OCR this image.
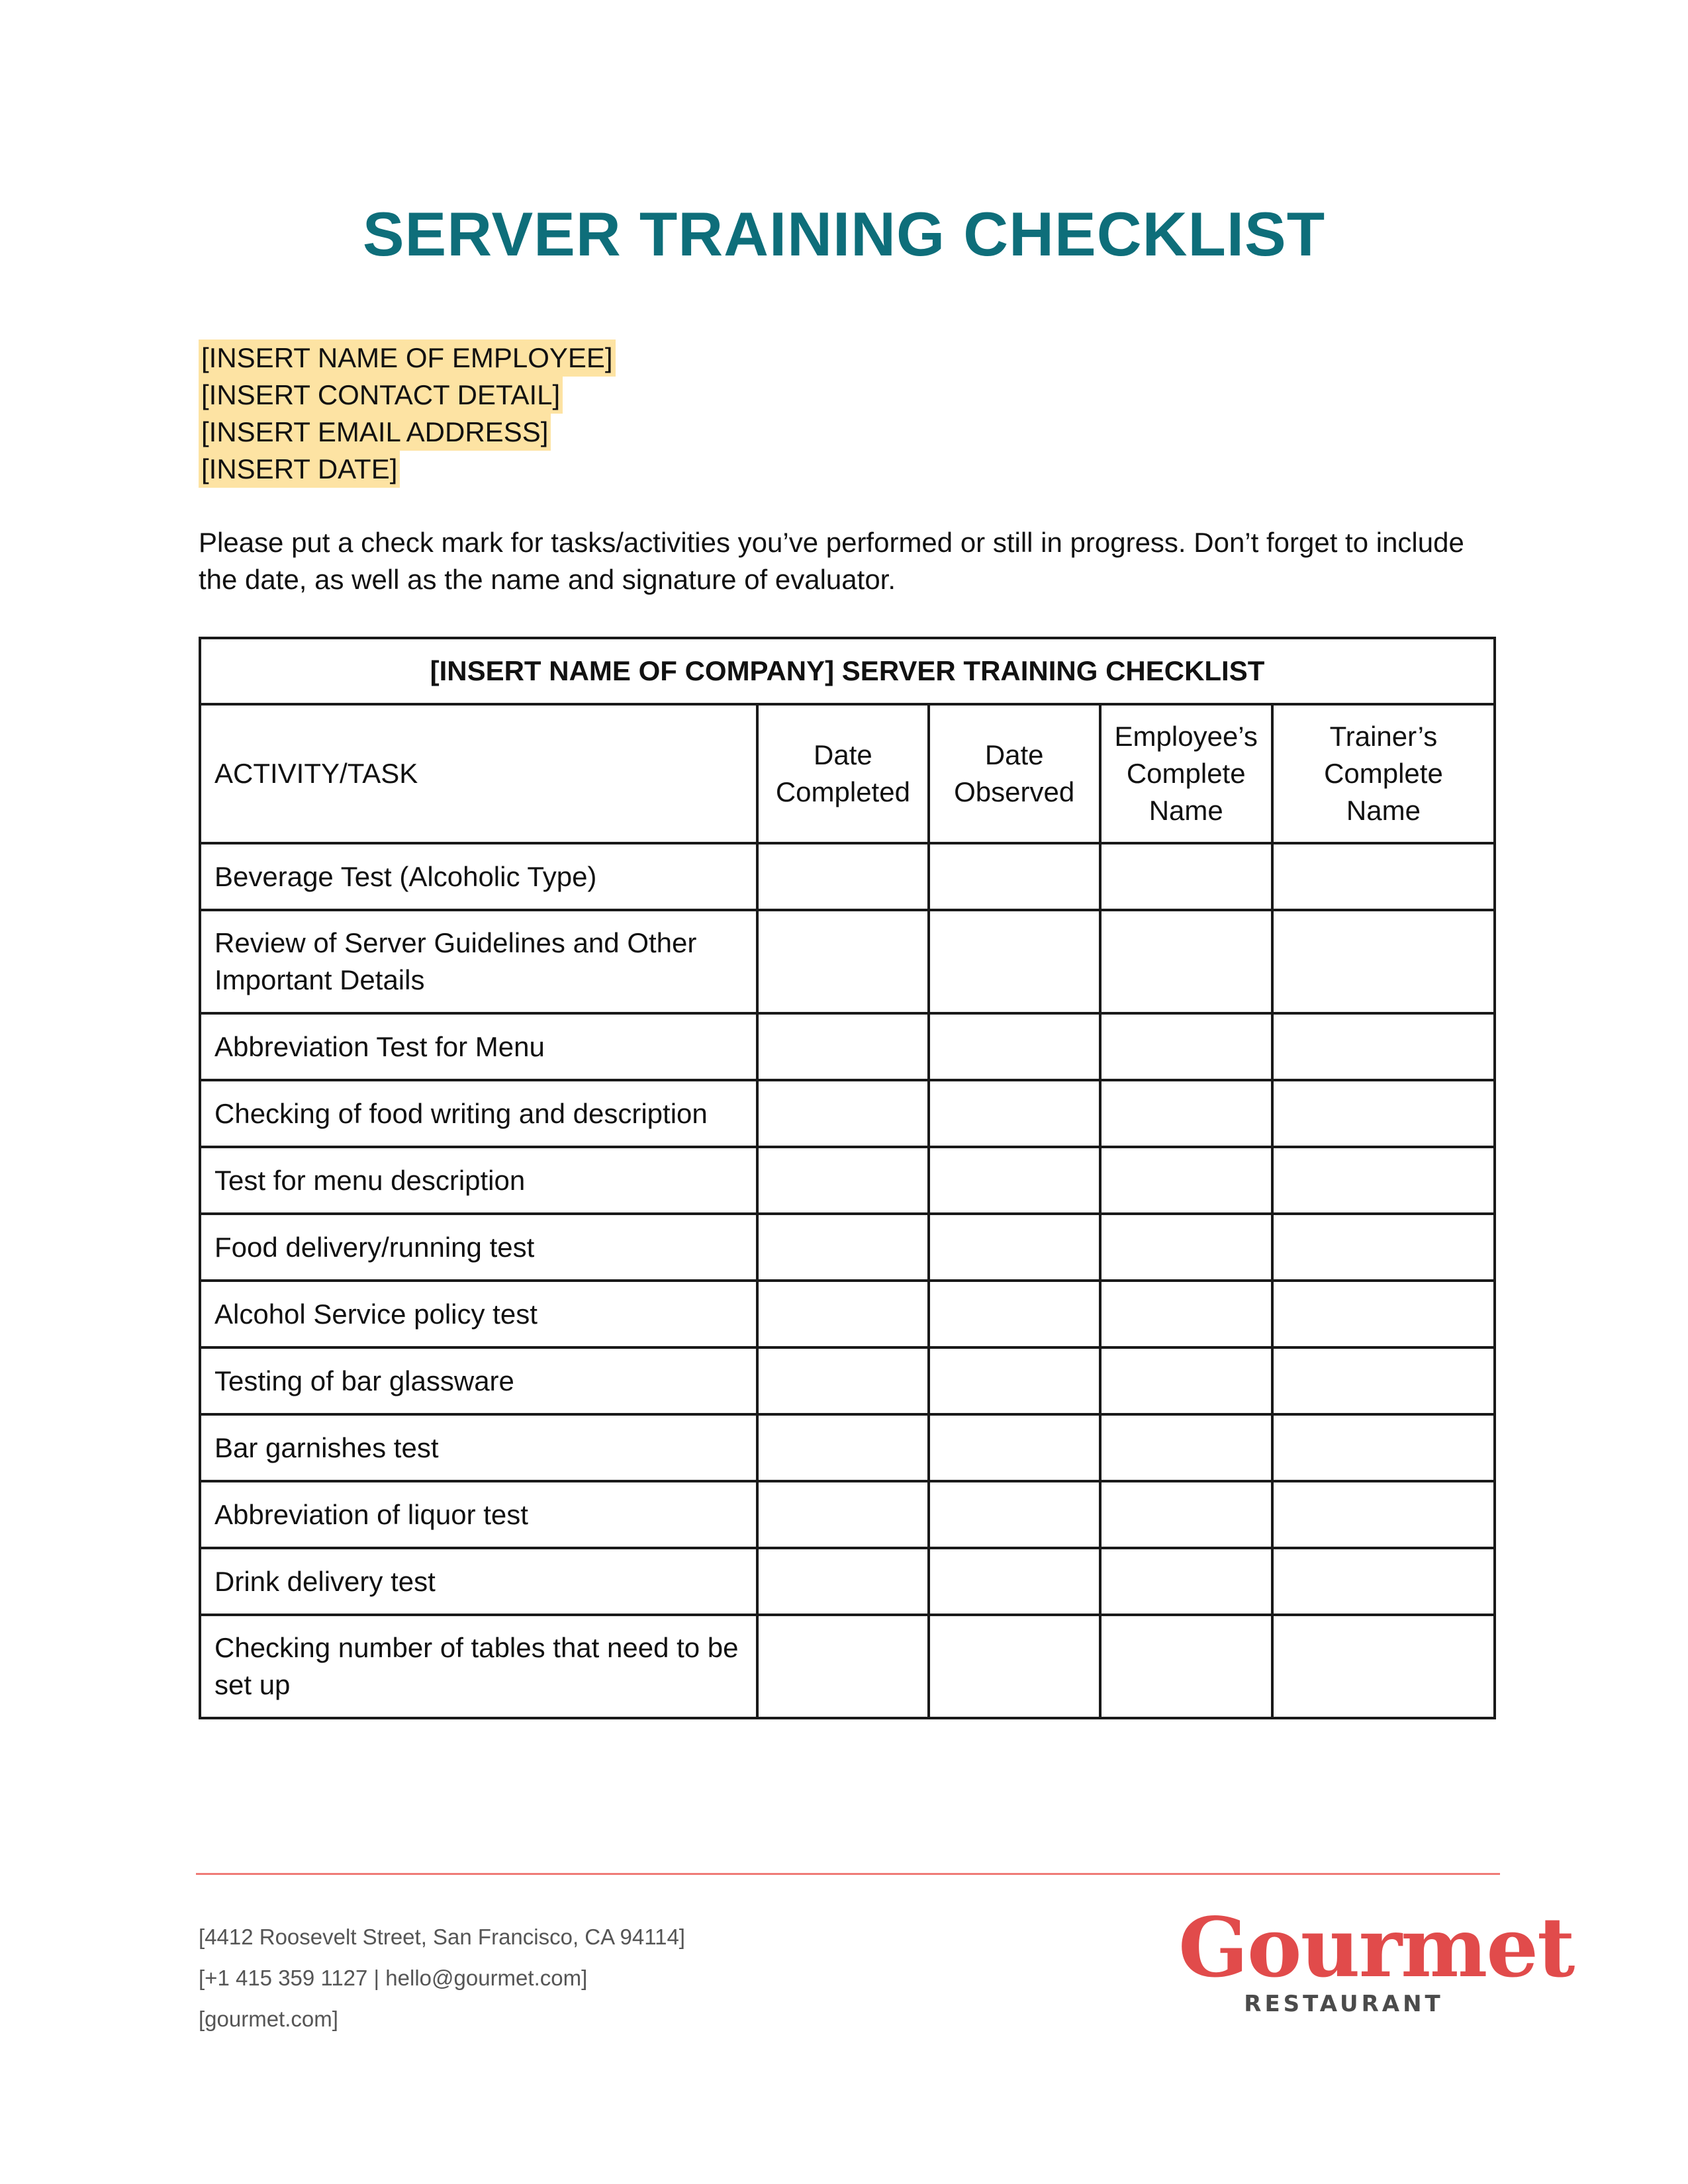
SERVER TRAINING CHECKLIST
[INSERT NAME OF EMPLOYEE]
[INSERT CONTACT DETAIL]
[INSERT EMAIL ADDRESS]
[INSERT DATE]

Please put a check mark for tasks/activities you’ve performed or still in progress. Don’t forget to include the date, as well as the name and signature of evaluator.

[INSERT NAME OF COMPANY] SERVER TRAINING CHECKLIST				
ACTIVITY/TASK	Date Completed	Date Observed	Employee’s Complete Name	Trainer’s Complete Name
Beverage Test (Alcoholic Type)				
Review of Server Guidelines and Other Important Details				
Abbreviation Test for Menu				
Checking of food writing and description				
Test for menu description				
Food delivery/running test				
Alcohol Service policy test				
Testing of bar glassware				
Bar garnishes test				
Abbreviation of liquor test				
Drink delivery test				
Checking number of tables that need to be set up				
[4412 Roosevelt Street, San Francisco, CA 94114]
[+1 415 359 1127 | hello@gourmet.com]
[gourmet.com]
Gourmet
RESTAURANT
